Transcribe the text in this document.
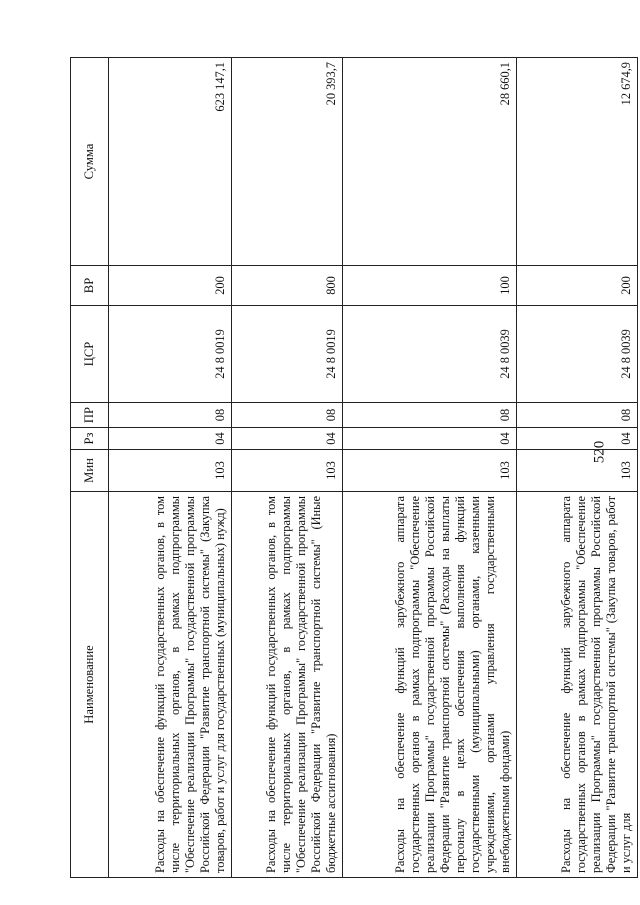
520
Наименование	Мин	Рз	ПР	ЦСР	ВР	Сумма
Расходы на обеспечение функций государственных органов, в том числе территориальных органов, в рамках подпрограммы "Обеспечение реализации Программы" государственной программы Российской Федерации "Развитие транспортной системы" (Закупка товаров, работ и услуг для государственных (муниципальных) нужд)	103	04	08	24 8 0019	200	623 147,1
Расходы на обеспечение функций государственных органов, в том числе территориальных органов, в рамках подпрограммы "Обеспечение реализации Программы" государственной программы Российской Федерации "Развитие транспортной системы" (Иные бюджетные ассигнования)	103	04	08	24 8 0019	800	20 393,7
Расходы на обеспечение функций зарубежного аппарата государственных органов в рамках подпрограммы "Обеспечение реализации Программы" государственной программы Российской Федерации "Развитие транспортной системы" (Расходы на выплаты персоналу в целях обеспечения выполнения функций государственными (муниципальными) органами, казенными учреждениями, органами управления государственными внебюджетными фондами)	103	04	08	24 8 0039	100	28 660,1
Расходы на обеспечение функций зарубежного аппарата государственных органов в рамках подпрограммы "Обеспечение реализации Программы" государственной программы Российской Федерации "Развитие транспортной системы" (Закупка товаров, работ и услуг для	103	04	08	24 8 0039	200	12 674,9
